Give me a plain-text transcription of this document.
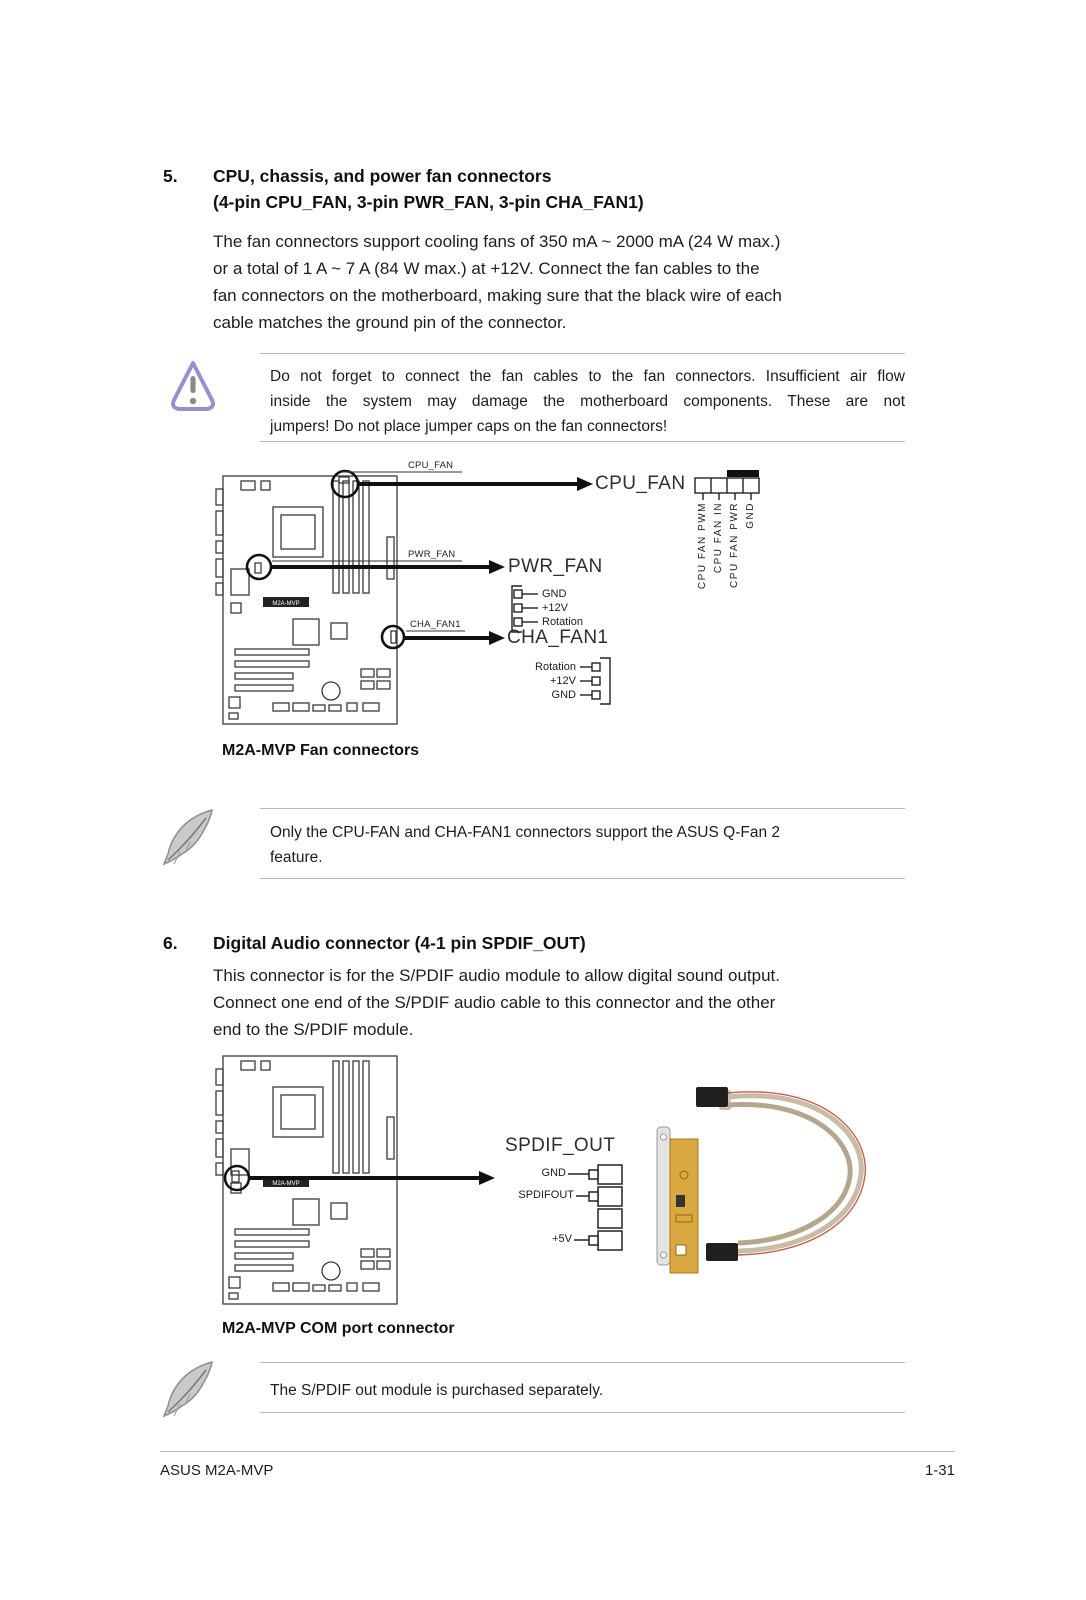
5. CPU, chassis, and power fan connectors
(4-pin CPU_FAN, 3-pin PWR_FAN, 3-pin CHA_FAN1)
The fan connectors support cooling fans of 350 mA ~ 2000 mA (24 W max.)
or a total of 1 A ~ 7 A (84 W max.) at +12V. Connect the fan cables to the
fan connectors on the motherboard, making sure that the black wire of each
cable matches the ground pin of the connector.
Do not forget to connect the fan cables to the fan connectors. Insufficient air flow
inside the system may damage the motherboard components. These are not
jumpers! Do not place jumper caps on the fan connectors!
M2A-MVP
CPU_FAN
CPU_FAN
CPU FAN PWM CPU FAN IN CPU FAN PWR GND
PWR_FAN
PWR_FAN
GND
+12V
Rotation
CHA_FAN1
CHA_FAN1
Rotation
+12V
GND
M2A-MVP Fan connectors
Only the CPU-FAN and CHA-FAN1 connectors support the ASUS Q-Fan 2
feature.
6. Digital Audio connector (4-1 pin SPDIF_OUT)
This connector is for the S/PDIF audio module to allow digital sound output.
Connect one end of the S/PDIF audio cable to this connector and the other
end to the S/PDIF module.
M2A-MVP
SPDIF_OUT
GND
SPDIFOUT
+5V
M2A-MVP COM port connector
The S/PDIF out module is purchased separately.
ASUS M2A-MVP	1-31
